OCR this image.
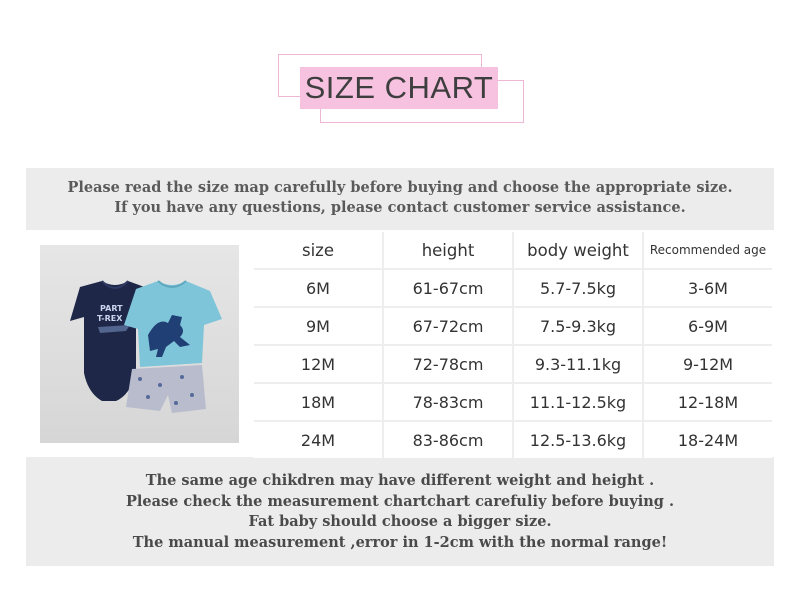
SIZE CHART
Please read the size map carefully before buying and choose the appropriate size.
If you have any questions, please contact customer service assistance.
PART
T-REX
size	height	body weight	Recommended age
6M	61-67cm	5.7-7.5kg	3-6M
9M	67-72cm	7.5-9.3kg	6-9M
12M	72-78cm	9.3-11.1kg	9-12M
18M	78-83cm	11.1-12.5kg	12-18M
24M	83-86cm	12.5-13.6kg	18-24M
The same age chikdren may have different weight and height .
Please check the measurement chartchart carefuliy before buying .
Fat baby should choose a bigger size.
The manual measurement ,error in 1-2cm with the normal range!
